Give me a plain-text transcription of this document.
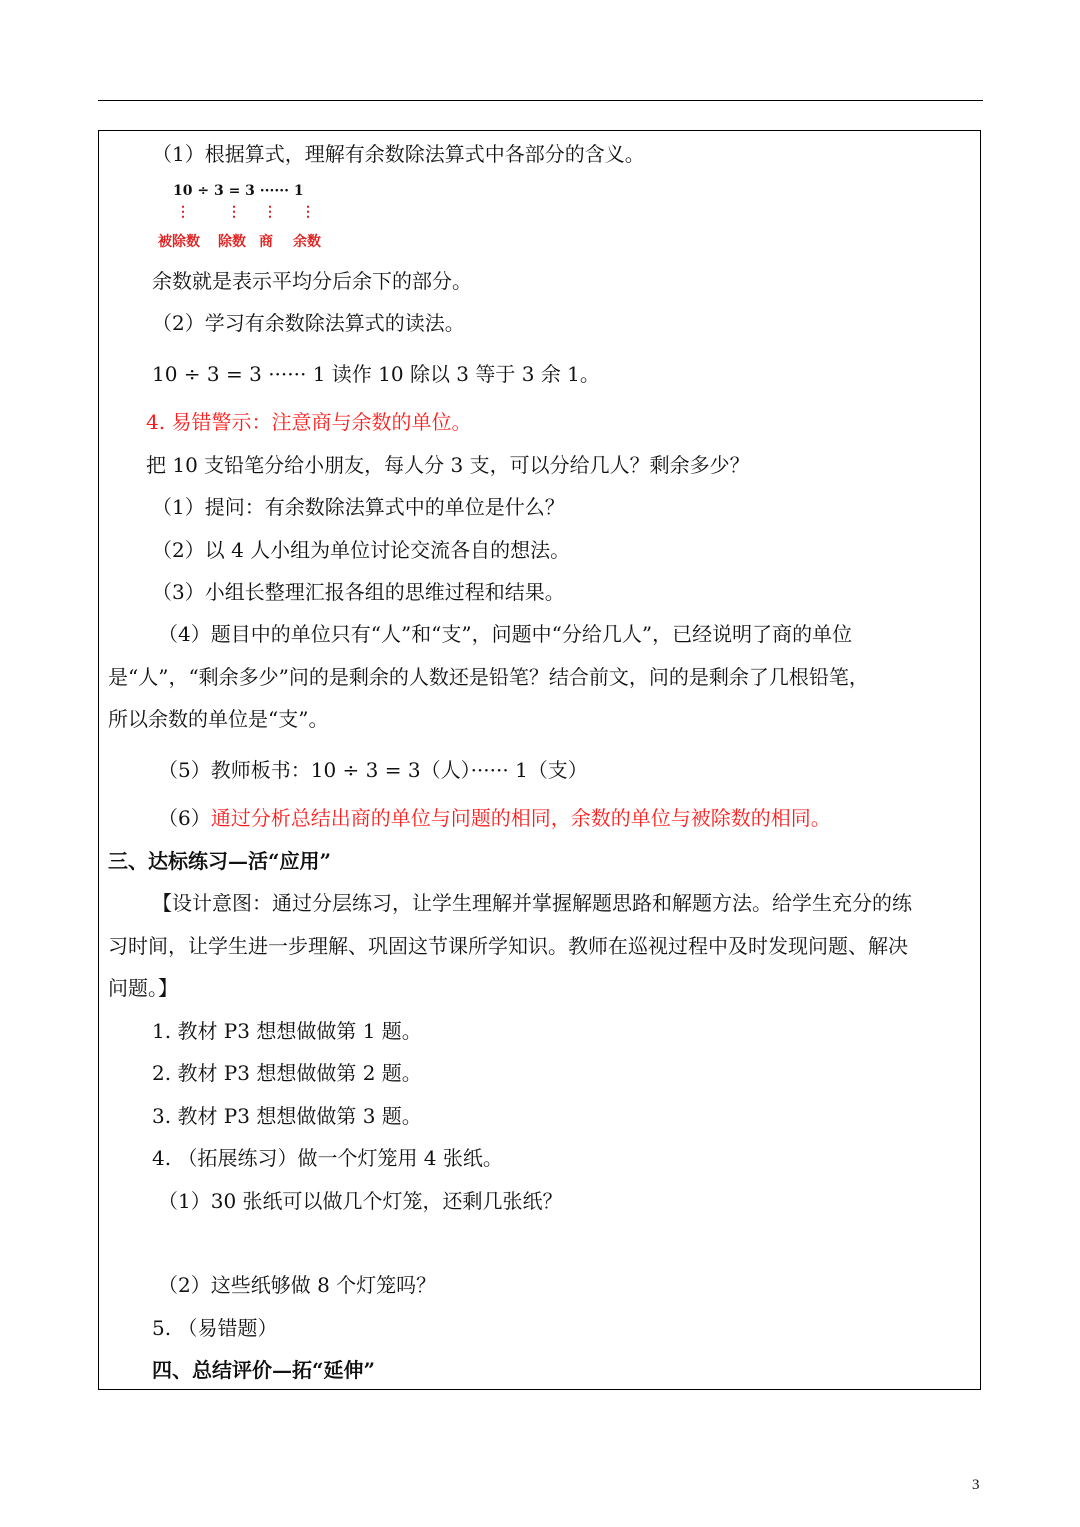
（1）根据算式，理解有余数除法算式中各部分的含义。
10 ÷ 3 = 3 ······ 1
⋮	⋮ ⋮ ⋮
被除数 除数 商 余数
余数就是表示平均分后余下的部分。
（2）学习有余数除法算式的读法。
10 ÷ 3 = 3 ······ 1 读作 10 除以 3 等于 3 余 1。
4. 易错警示：注意商与余数的单位。
把 10 支铅笔分给小朋友，每人分 3 支，可以分给几人？剩余多少？
（1）提问：有余数除法算式中的单位是什么？
（2）以 4 人小组为单位讨论交流各自的想法。
（3）小组长整理汇报各组的思维过程和结果。
（4）题目中的单位只有“人”和“支”，问题中“分给几人”，已经说明了商的单位
是“人”，“剩余多少”问的是剩余的人数还是铅笔？结合前文，问的是剩余了几根铅笔，
所以余数的单位是“支”。
（5）教师板书：10 ÷ 3 = 3（人）······ 1（支）
（6）通过分析总结出商的单位与问题的相同，余数的单位与被除数的相同。
三、达标练习—活“应用”
【设计意图：通过分层练习，让学生理解并掌握解题思路和解题方法。给学生充分的练
习时间，让学生进一步理解、巩固这节课所学知识。教师在巡视过程中及时发现问题、解决
问题。】
1. 教材 P3 想想做做第 1 题。
2. 教材 P3 想想做做第 2 题。
3. 教材 P3 想想做做第 3 题。
4. （拓展练习）做一个灯笼用 4 张纸。
（1）30 张纸可以做几个灯笼，还剩几张纸？
（2）这些纸够做 8 个灯笼吗？
5. （易错题）
四、总结评价—拓“延伸”
3
